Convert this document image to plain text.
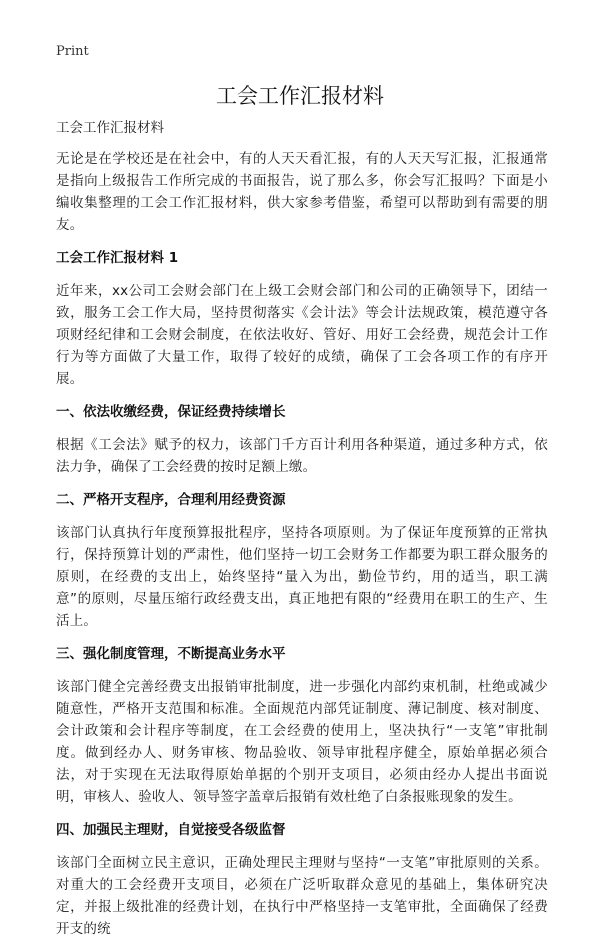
Print
工会工作汇报材料
工会工作汇报材料

无论是在学校还是在社会中，有的人天天看汇报，有的人天天写汇报，汇报通常是指向上级报告工作所完成的书面报告，说了那么多，你会写汇报吗？下面是小编收集整理的工会工作汇报材料，供大家参考借鉴，希望可以帮助到有需要的朋友。

工会工作汇报材料 1

近年来，xx公司工会财会部门在上级工会财会部门和公司的正确领导下，团结一致，服务工会工作大局，坚持贯彻落实《会计法》等会计法规政策，模范遵守各项财经纪律和工会财会制度，在依法收好、管好、用好工会经费，规范会计工作行为等方面做了大量工作，取得了较好的成绩，确保了工会各项工作的有序开展。

一、依法收缴经费，保证经费持续增长

根据《工会法》赋予的权力，该部门千方百计利用各种渠道，通过多种方式，依法力争，确保了工会经费的按时足额上缴。

二、严格开支程序，合理利用经费资源

该部门认真执行年度预算报批程序，坚持各项原则。为了保证年度预算的正常执行，保持预算计划的严肃性，他们坚持一切工会财务工作都要为职工群众服务的原则，在经费的支出上，始终坚持“量入为出，勤俭节约，用的适当，职工满意”的原则，尽量压缩行政经费支出，真正地把有限的“经费用在职工的生产、生活上。

三、强化制度管理，不断提高业务水平

该部门健全完善经费支出报销审批制度，进一步强化内部约束机制，杜绝或减少随意性，严格开支范围和标准。全面规范内部凭证制度、薄记制度、核对制度、会计政策和会计程序等制度，在工会经费的使用上，坚决执行“一支笔”审批制度。做到经办人、财务审核、物品验收、领导审批程序健全，原始单据必须合法，对于实现在无法取得原始单据的个别开支项目，必须由经办人提出书面说明，审核人、验收人、领导签字盖章后报销有效杜绝了白条报账现象的发生。

四、加强民主理财，自觉接受各级监督

该部门全面树立民主意识，正确处理民主理财与坚持“一支笔”审批原则的关系。对重大的工会经费开支项目，必须在广泛听取群众意见的基础上，集体研究决定，并报上级批准的经费计划，在执行中严格坚持一支笔审批，全面确保了经费开支的统
